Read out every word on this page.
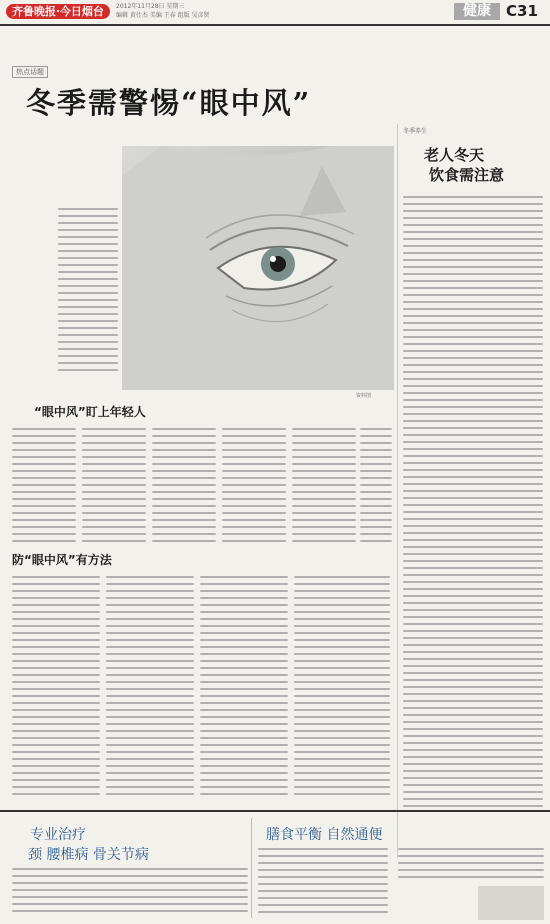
齐鲁晚报·今日烟台	2012年11月28日 星期三
编辑 黄仕杰 美编 王春 组版 吴彦贤	健康	C31
热点话题
冬季需警惕“眼中风”
资料图
“眼中风”盯上年轻人
防“眼中风”有方法
冬季养生
老人冬天
饮食需注意
专业治疗
颈 腰椎病 骨关节病
膳食平衡 自然通便
